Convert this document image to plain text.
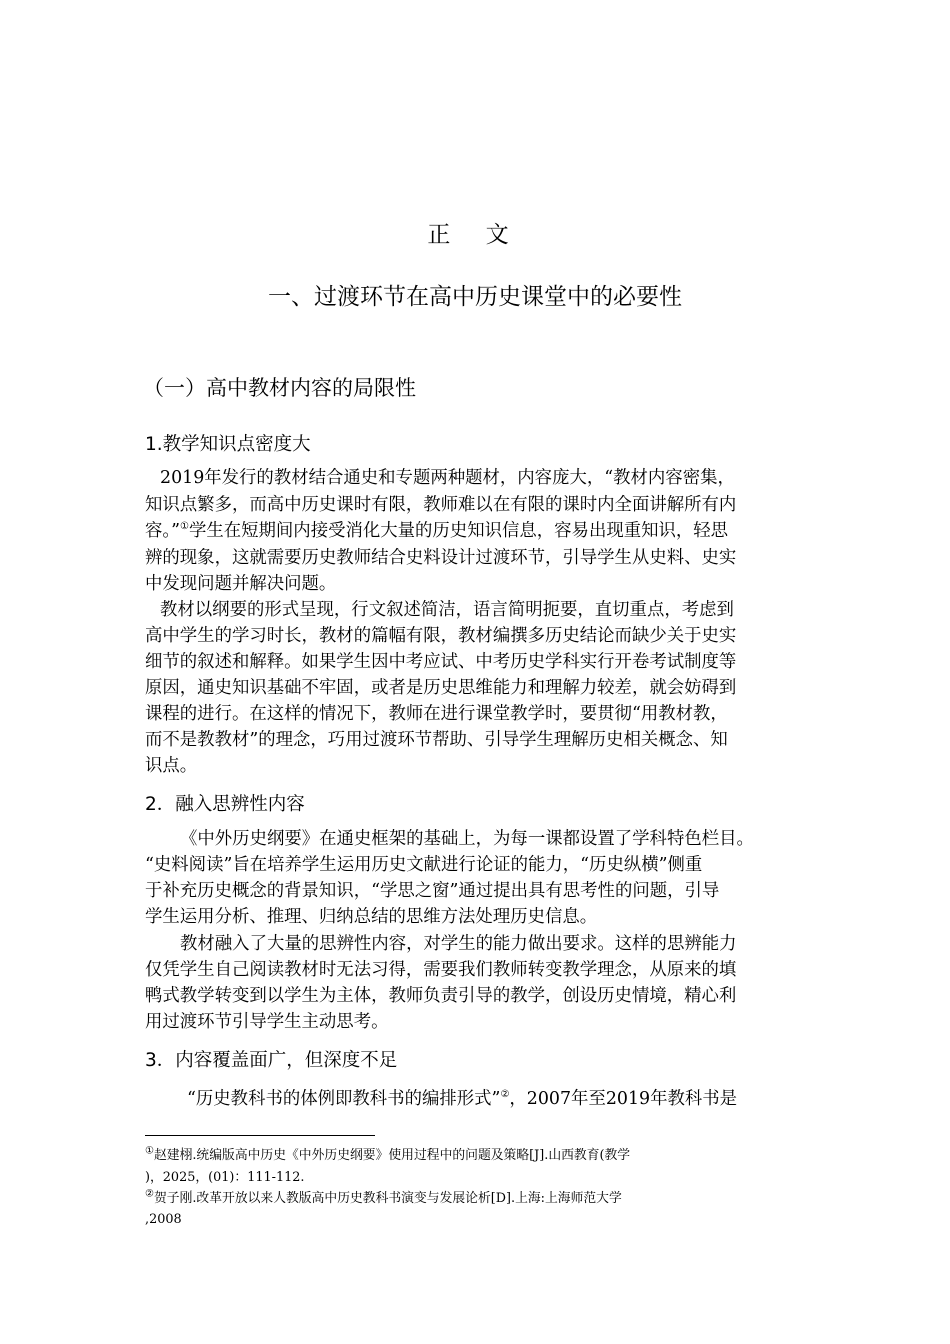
正 文
一、过渡环节在高中历史课堂中的必要性
（一）高中教材内容的局限性
1.教学知识点密度大
2019年发行的教材结合通史和专题两种题材，内容庞大，“教材内容密集，
知识点繁多，而高中历史课时有限，教师难以在有限的课时内全面讲解所有内
容。”①学生在短期间内接受消化大量的历史知识信息，容易出现重知识，轻思
辨的现象，这就需要历史教师结合史料设计过渡环节，引导学生从史料、史实
中发现问题并解决问题。
教材以纲要的形式呈现，行文叙述简洁，语言简明扼要，直切重点，考虑到
高中学生的学习时长，教材的篇幅有限，教材编撰多历史结论而缺少关于史实
细节的叙述和解释。如果学生因中考应试、中考历史学科实行开卷考试制度等
原因，通史知识基础不牢固，或者是历史思维能力和理解力较差，就会妨碍到
课程的进行。在这样的情况下，教师在进行课堂教学时，要贯彻“用教材教，
而不是教教材”的理念，巧用过渡环节帮助、引导学生理解历史相关概念、知
识点。
2．融入思辨性内容
《中外历史纲要》在通史框架的基础上，为每一课都设置了学科特色栏目。
“史料阅读”旨在培养学生运用历史文献进行论证的能力，“历史纵横”侧重
于补充历史概念的背景知识，“学思之窗”通过提出具有思考性的问题，引导
学生运用分析、推理、归纳总结的思维方法处理历史信息。
教材融入了大量的思辨性内容，对学生的能力做出要求。这样的思辨能力
仅凭学生自己阅读教材时无法习得，需要我们教师转变教学理念，从原来的填
鸭式教学转变到以学生为主体，教师负责引导的教学，创设历史情境，精心利
用过渡环节引导学生主动思考。
3．内容覆盖面广，但深度不足
“历史教科书的体例即教科书的编排形式”②，2007年至2019年教科书是
①赵建栩.统编版高中历史《中外历史纲要》使用过程中的问题及策略[J].山西教育(教学
)，2025，(01)：111-112.
②贺子刚.改革开放以来人教版高中历史教科书演变与发展论析[D].上海:上海师范大学
,2008
